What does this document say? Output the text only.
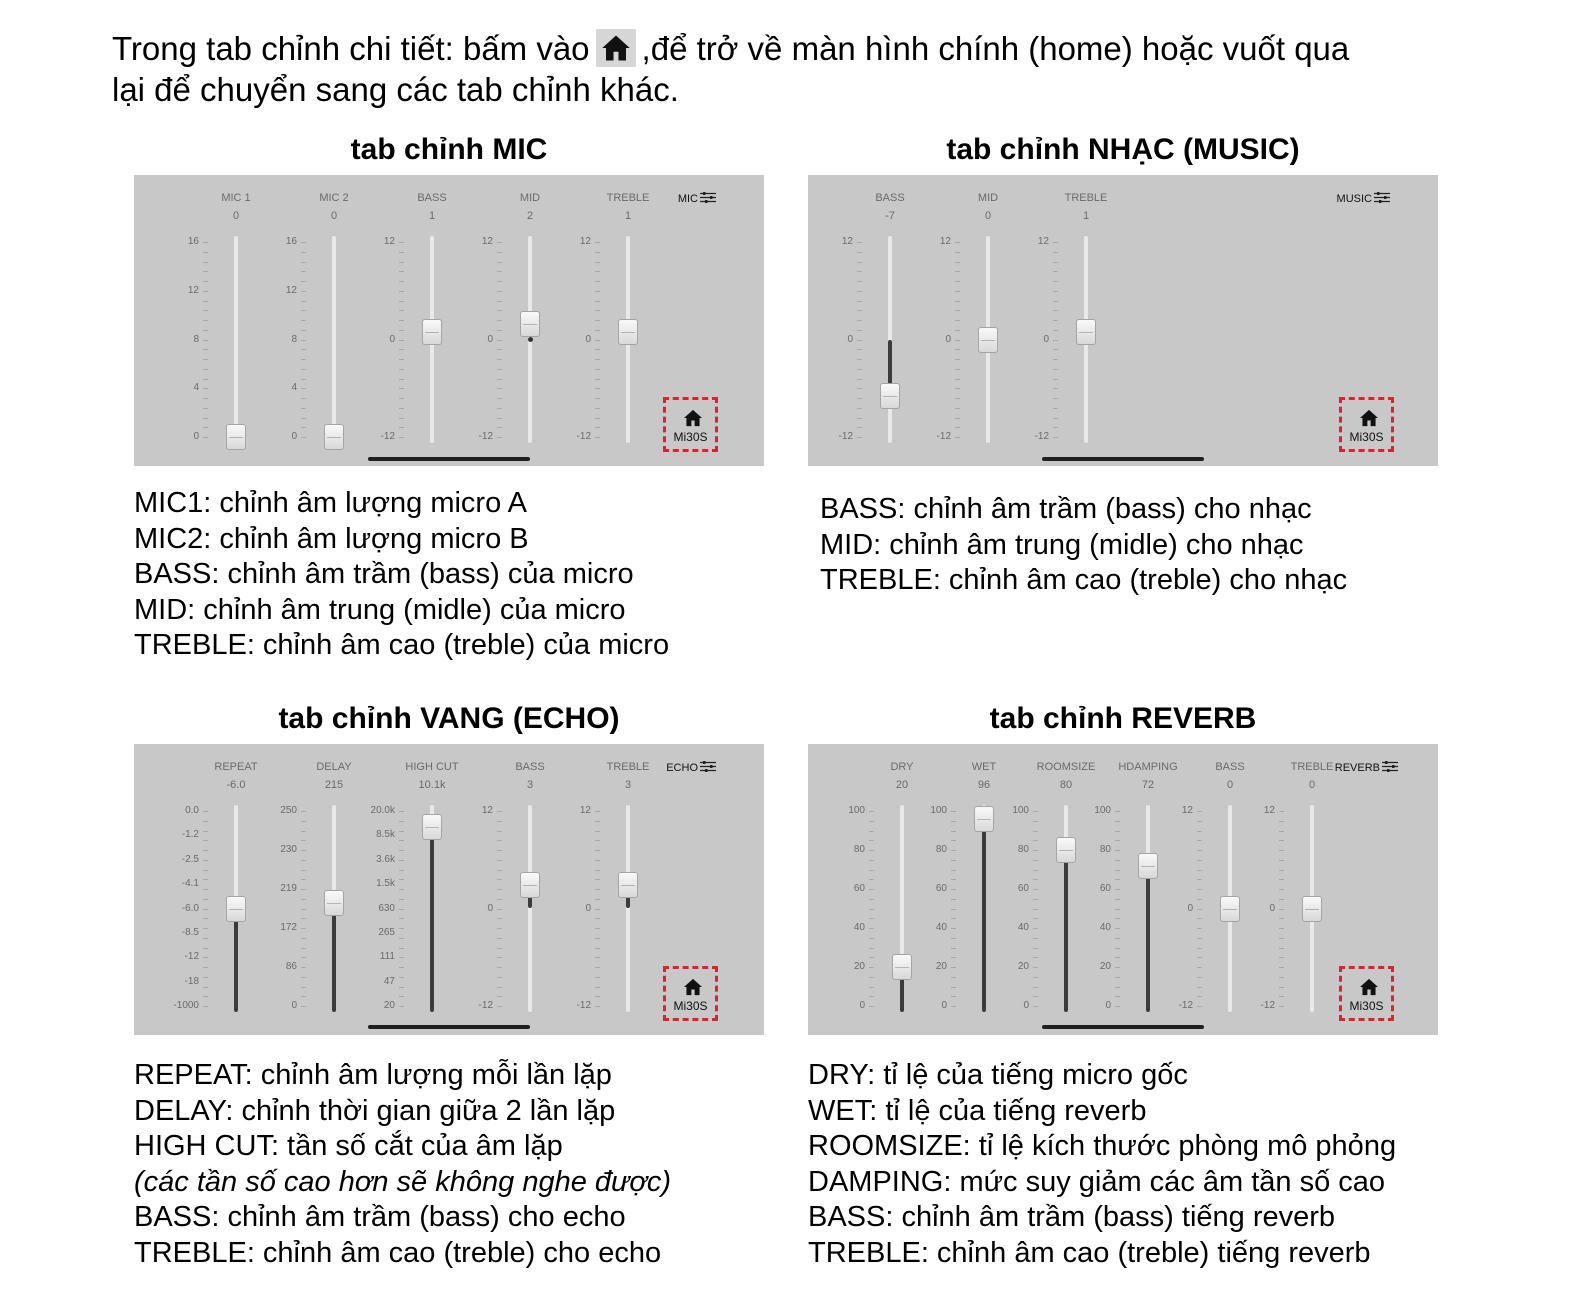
Trong tab chỉnh chi tiết: bấm vào ,để trở về màn hình chính (home) hoặc vuốt qua
lại để chuyển sang các tab chỉnh khác.
tab chỉnh MIC
MIC
Mi30S
MIC 1
0
16
12
8
4
0
MIC 2
0
16
12
8
4
0
BASS
1
12
0
-12
MID
2
12
0
-12
TREBLE
1
12
0
-12
MIC1: chỉnh âm lượng micro A
MIC2: chỉnh âm lượng micro B
BASS: chỉnh âm trầm (bass) của micro
MID: chỉnh âm trung (midle) của micro
TREBLE: chỉnh âm cao (treble) của micro
tab chỉnh NHẠC (MUSIC)
MUSIC
Mi30S
BASS
-7
12
0
-12
MID
0
12
0
-12
TREBLE
1
12
0
-12
BASS: chỉnh âm trầm (bass) cho nhạc
MID: chỉnh âm trung (midle) cho nhạc
TREBLE: chỉnh âm cao (treble) cho nhạc
tab chỉnh VANG (ECHO)
ECHO
Mi30S
REPEAT
-6.0
0.0
-1.2
-2.5
-4.1
-6.0
-8.5
-12
-18
-1000
DELAY
215
250
230
219
172
86
0
HIGH CUT
10.1k
20.0k
8.5k
3.6k
1.5k
630
265
111
47
20
BASS
3
12
0
-12
TREBLE
3
12
0
-12
REPEAT: chỉnh âm lượng mỗi lần lặp
DELAY: chỉnh thời gian giữa 2 lần lặp
HIGH CUT: tần số cắt của âm lặp
(các tần số cao hơn sẽ không nghe được)
BASS: chỉnh âm trầm (bass) cho echo
TREBLE: chỉnh âm cao (treble) cho echo
tab chỉnh REVERB
REVERB
Mi30S
DRY
20
100
80
60
40
20
0
WET
96
100
80
60
40
20
0
ROOMSIZE
80
100
80
60
40
20
0
HDAMPING
72
100
80
60
40
20
0
BASS
0
12
0
-12
TREBLE
0
12
0
-12
DRY: tỉ lệ của tiếng micro gốc
WET: tỉ lệ của tiếng reverb
ROOMSIZE: tỉ lệ kích thước phòng mô phỏng
DAMPING: mức suy giảm các âm tần số cao
BASS: chỉnh âm trầm (bass) tiếng reverb
TREBLE: chỉnh âm cao (treble) tiếng reverb
